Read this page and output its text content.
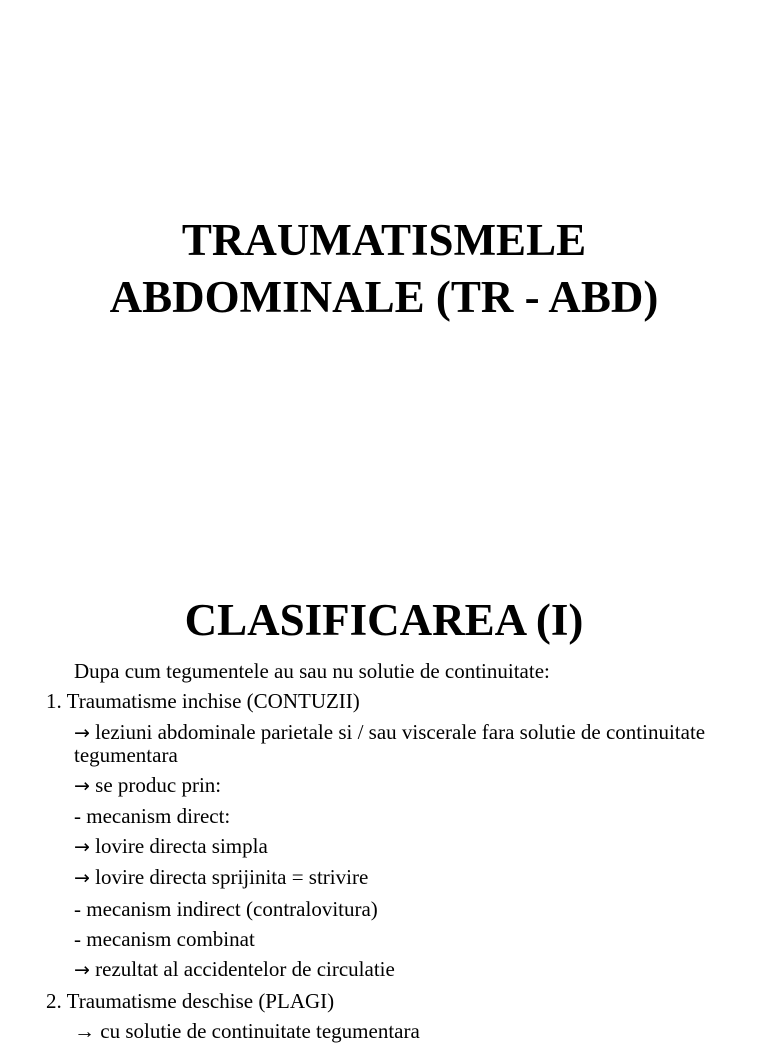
TRAUMATISMELE
ABDOMINALE (TR - ABD)
CLASIFICAREA (I)
Dupa cum tegumentele au sau nu solutie de continuitate:
1. Traumatisme inchise (CONTUZII)
→ leziuni abdominale parietale si / sau viscerale fara solutie de continuitate tegumentara
→ se produc prin:
- mecanism direct:
→ lovire directa simpla
→ lovire directa sprijinita = strivire
- mecanism indirect (contralovitura)
- mecanism combinat
→ rezultat al accidentelor de circulatie
2. Traumatisme deschise (PLAGI)
→ cu solutie de continuitate tegumentara
